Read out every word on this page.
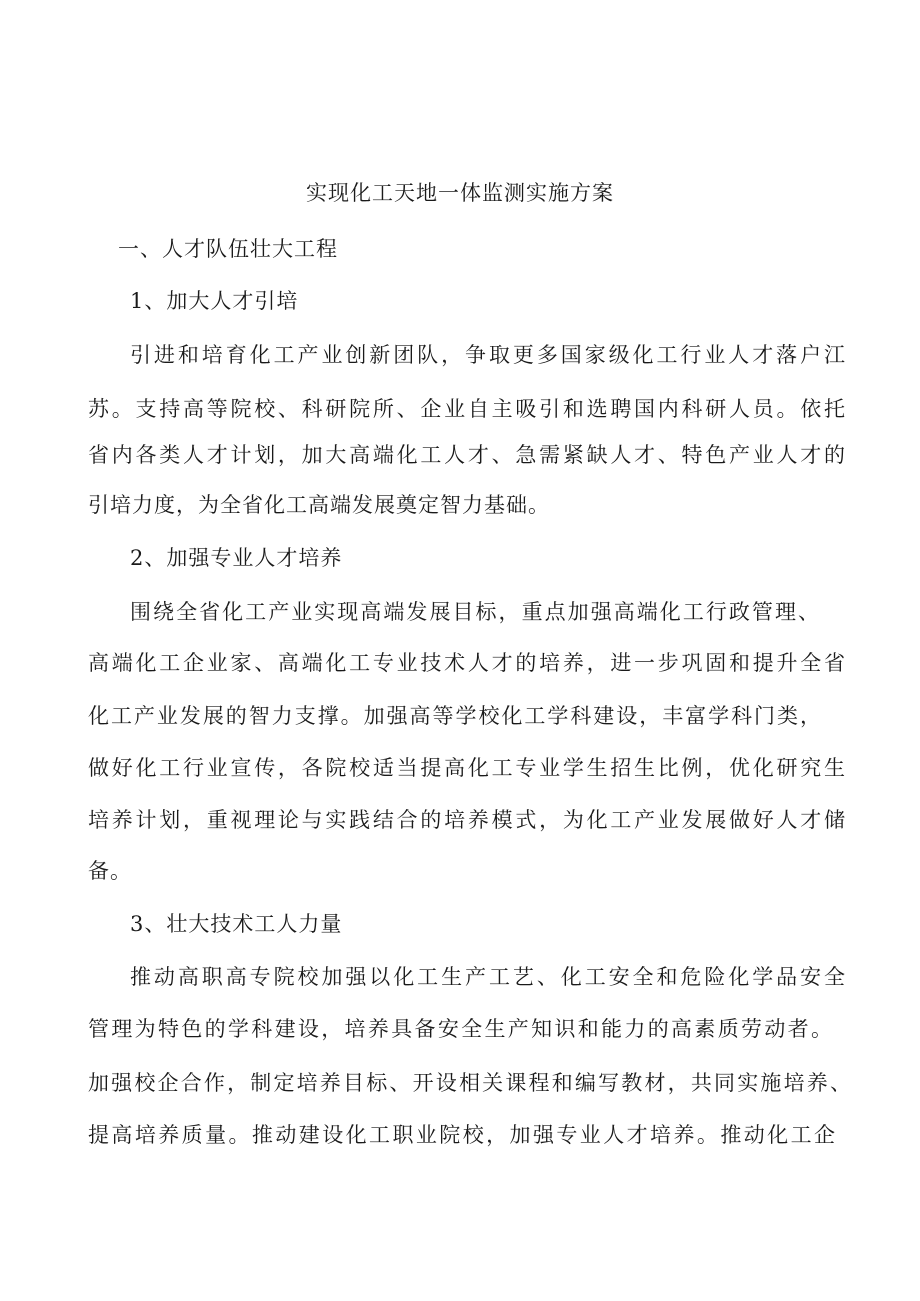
实现化工天地一体监测实施方案
一、人才队伍壮大工程
1、加大人才引培
引进和培育化工产业创新团队，争取更多国家级化工行业人才落户江
苏。支持高等院校、科研院所、企业自主吸引和选聘国内科研人员。依托
省内各类人才计划，加大高端化工人才、急需紧缺人才、特色产业人才的
引培力度，为全省化工高端发展奠定智力基础。
2、加强专业人才培养
围绕全省化工产业实现高端发展目标，重点加强高端化工行政管理、
高端化工企业家、高端化工专业技术人才的培养，进一步巩固和提升全省
化工产业发展的智力支撑。加强高等学校化工学科建设，丰富学科门类，
做好化工行业宣传，各院校适当提高化工专业学生招生比例，优化研究生
培养计划，重视理论与实践结合的培养模式，为化工产业发展做好人才储
备。
3、壮大技术工人力量
推动高职高专院校加强以化工生产工艺、化工安全和危险化学品安全
管理为特色的学科建设，培养具备安全生产知识和能力的高素质劳动者。
加强校企合作，制定培养目标、开设相关课程和编写教材，共同实施培养、
提高培养质量。推动建设化工职业院校，加强专业人才培养。推动化工企
